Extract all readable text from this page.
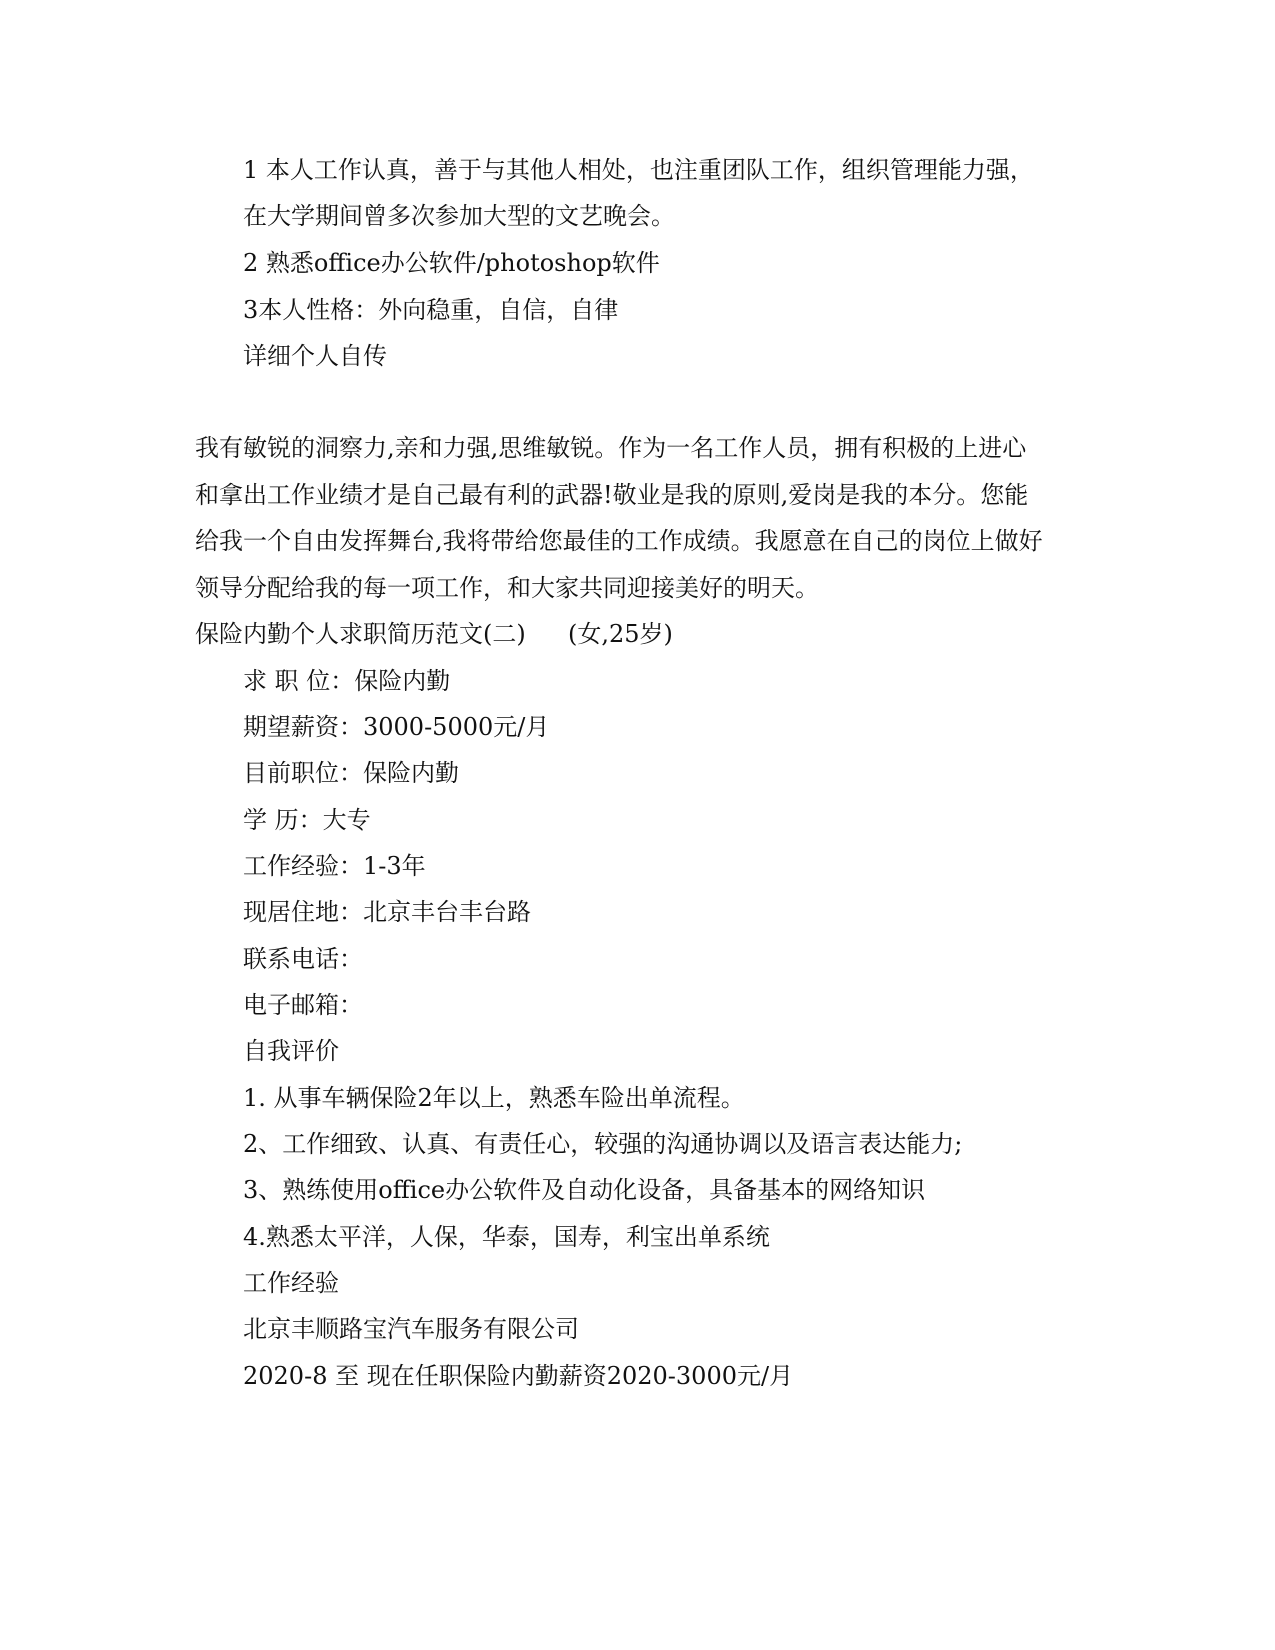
1 本人工作认真，善于与其他人相处，也注重团队工作，组织管理能力强，
在大学期间曾多次参加大型的文艺晚会。
2 熟悉office办公软件/photoshop软件
3本人性格：外向稳重，自信，自律
详细个人自传
我有敏锐的洞察力,亲和力强,思维敏锐。作为一名工作人员，拥有积极的上进心
和拿出工作业绩才是自己最有利的武器!敬业是我的原则,爱岗是我的本分。您能
给我一个自由发挥舞台,我将带给您最佳的工作成绩。我愿意在自己的岗位上做好
领导分配给我的每一项工作，和大家共同迎接美好的明天。
保险内勤个人求职简历范文(二) (女,25岁)
求 职 位：保险内勤
期望薪资：3000-5000元/月
目前职位：保险内勤
学 历：大专
工作经验：1-3年
现居住地：北京丰台丰台路
联系电话：
电子邮箱：
自我评价
1. 从事车辆保险2年以上，熟悉车险出单流程。
2、工作细致、认真、有责任心，较强的沟通协调以及语言表达能力;
3、熟练使用office办公软件及自动化设备，具备基本的网络知识
4.熟悉太平洋，人保，华泰，国寿，利宝出单系统
工作经验
北京丰顺路宝汽车服务有限公司
2020-8 至 现在任职保险内勤薪资2020-3000元/月
